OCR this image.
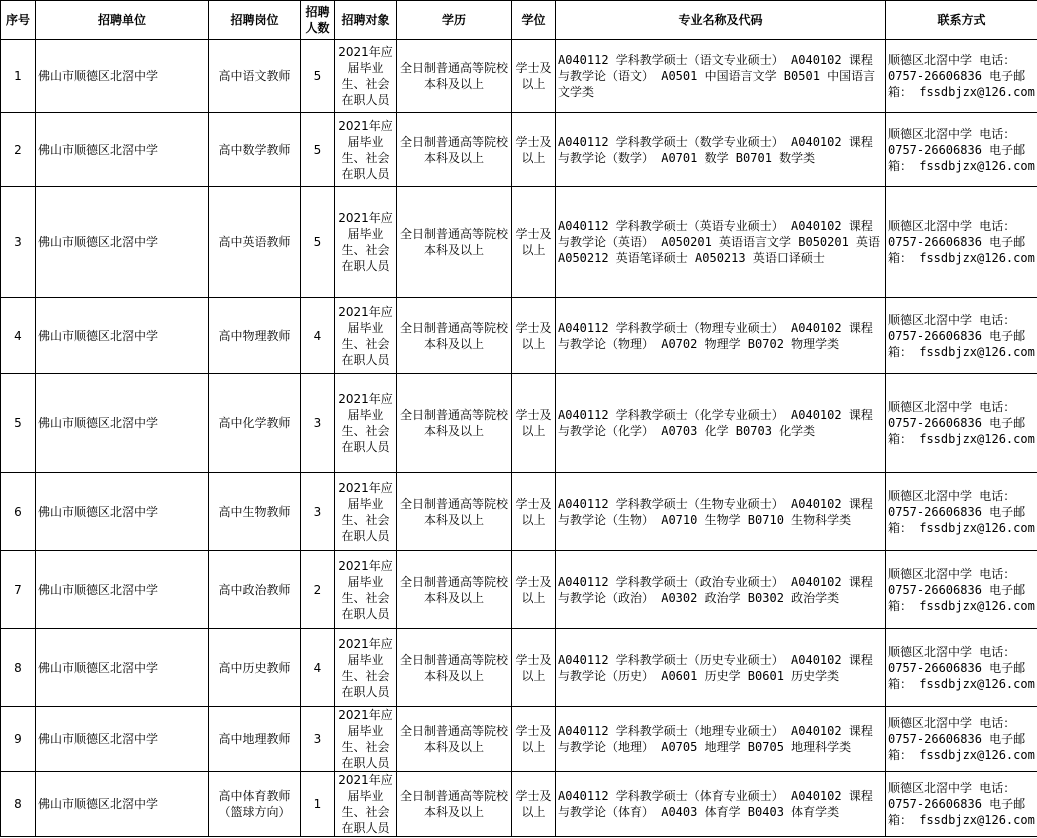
序号	招聘单位	招聘岗位	招聘人数	招聘对象	学历	学位	专业名称及代码	联系方式
1	佛山市顺德区北滘中学	高中语文教师	5	2021年应届毕业生、社会在职人员	全日制普通高等院校本科及以上	学士及以上	A040112 学科教学硕士（语文专业硕士） A040102 课程与教学论（语文） A0501 中国语言文学 B0501 中国语言文学类	顺德区北滘中学 电话：0757-26606836 电子邮箱： fssdbjzx@126.com
2	佛山市顺德区北滘中学	高中数学教师	5	2021年应届毕业生、社会在职人员	全日制普通高等院校本科及以上	学士及以上	A040112 学科教学硕士（数学专业硕士） A040102 课程与教学论（数学） A0701 数学 B0701 数学类	顺德区北滘中学 电话：0757-26606836 电子邮箱： fssdbjzx@126.com
3	佛山市顺德区北滘中学	高中英语教师	5	2021年应届毕业生、社会在职人员	全日制普通高等院校本科及以上	学士及以上	A040112 学科教学硕士（英语专业硕士） A040102 课程与教学论（英语） A050201 英语语言文学 B050201 英语 A050212 英语笔译硕士 A050213 英语口译硕士	顺德区北滘中学 电话：0757-26606836 电子邮箱： fssdbjzx@126.com
4	佛山市顺德区北滘中学	高中物理教师	4	2021年应届毕业生、社会在职人员	全日制普通高等院校本科及以上	学士及以上	A040112 学科教学硕士（物理专业硕士） A040102 课程与教学论（物理） A0702 物理学 B0702 物理学类	顺德区北滘中学 电话：0757-26606836 电子邮箱： fssdbjzx@126.com
5	佛山市顺德区北滘中学	高中化学教师	3	2021年应届毕业生、社会在职人员	全日制普通高等院校本科及以上	学士及以上	A040112 学科教学硕士（化学专业硕士） A040102 课程与教学论（化学） A0703 化学 B0703 化学类	顺德区北滘中学 电话：0757-26606836 电子邮箱： fssdbjzx@126.com
6	佛山市顺德区北滘中学	高中生物教师	3	2021年应届毕业生、社会在职人员	全日制普通高等院校本科及以上	学士及以上	A040112 学科教学硕士（生物专业硕士） A040102 课程与教学论（生物） A0710 生物学 B0710 生物科学类	顺德区北滘中学 电话：0757-26606836 电子邮箱： fssdbjzx@126.com
7	佛山市顺德区北滘中学	高中政治教师	2	2021年应届毕业生、社会在职人员	全日制普通高等院校本科及以上	学士及以上	A040112 学科教学硕士（政治专业硕士） A040102 课程与教学论（政治） A0302 政治学 B0302 政治学类	顺德区北滘中学 电话：0757-26606836 电子邮箱： fssdbjzx@126.com
8	佛山市顺德区北滘中学	高中历史教师	4	2021年应届毕业生、社会在职人员	全日制普通高等院校本科及以上	学士及以上	A040112 学科教学硕士（历史专业硕士） A040102 课程与教学论（历史） A0601 历史学 B0601 历史学类	顺德区北滘中学 电话：0757-26606836 电子邮箱： fssdbjzx@126.com
9	佛山市顺德区北滘中学	高中地理教师	3	2021年应届毕业生、社会在职人员	全日制普通高等院校本科及以上	学士及以上	A040112 学科教学硕士（地理专业硕士） A040102 课程与教学论（地理） A0705 地理学 B0705 地理科学类	顺德区北滘中学 电话：0757-26606836 电子邮箱： fssdbjzx@126.com
8	佛山市顺德区北滘中学	高中体育教师（篮球方向）	1	2021年应届毕业生、社会在职人员	全日制普通高等院校本科及以上	学士及以上	A040112 学科教学硕士（体育专业硕士） A040102 课程与教学论（体育） A0403 体育学 B0403 体育学类	顺德区北滘中学 电话：0757-26606836 电子邮箱： fssdbjzx@126.com
